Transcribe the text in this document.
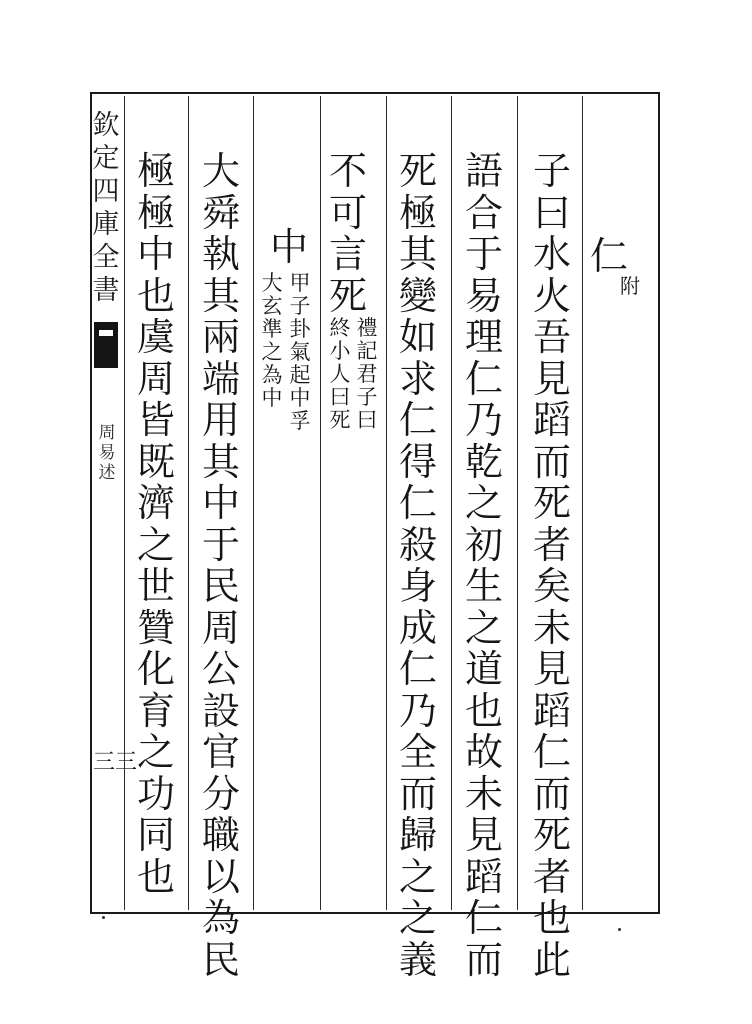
欽
定
四
庫
全
書
周
易
述
三三
仁
附
子
曰
水
火
吾
見
蹈
而
死
者
矣
未
見
蹈
仁
而
死
者
也
此
語
合
于
易
理
仁
乃
乾
之
初
生
之
道
也
故
未
見
蹈
仁
而
死
極
其
變
如
求
仁
得
仁
殺
身
成
仁
乃
全
而
歸
之
之
義
不
可
言
死
禮
記
君
子
曰
終
小
人
曰
死
中
甲
子
卦
氣
起
中
孚
大
玄
準
之
為
中
大
舜
執
其
兩
端
用
其
中
于
民
周
公
設
官
分
職
以
為
民
極
極
中
也
虞
周
皆
既
濟
之
世
贊
化
育
之
功
同
也
